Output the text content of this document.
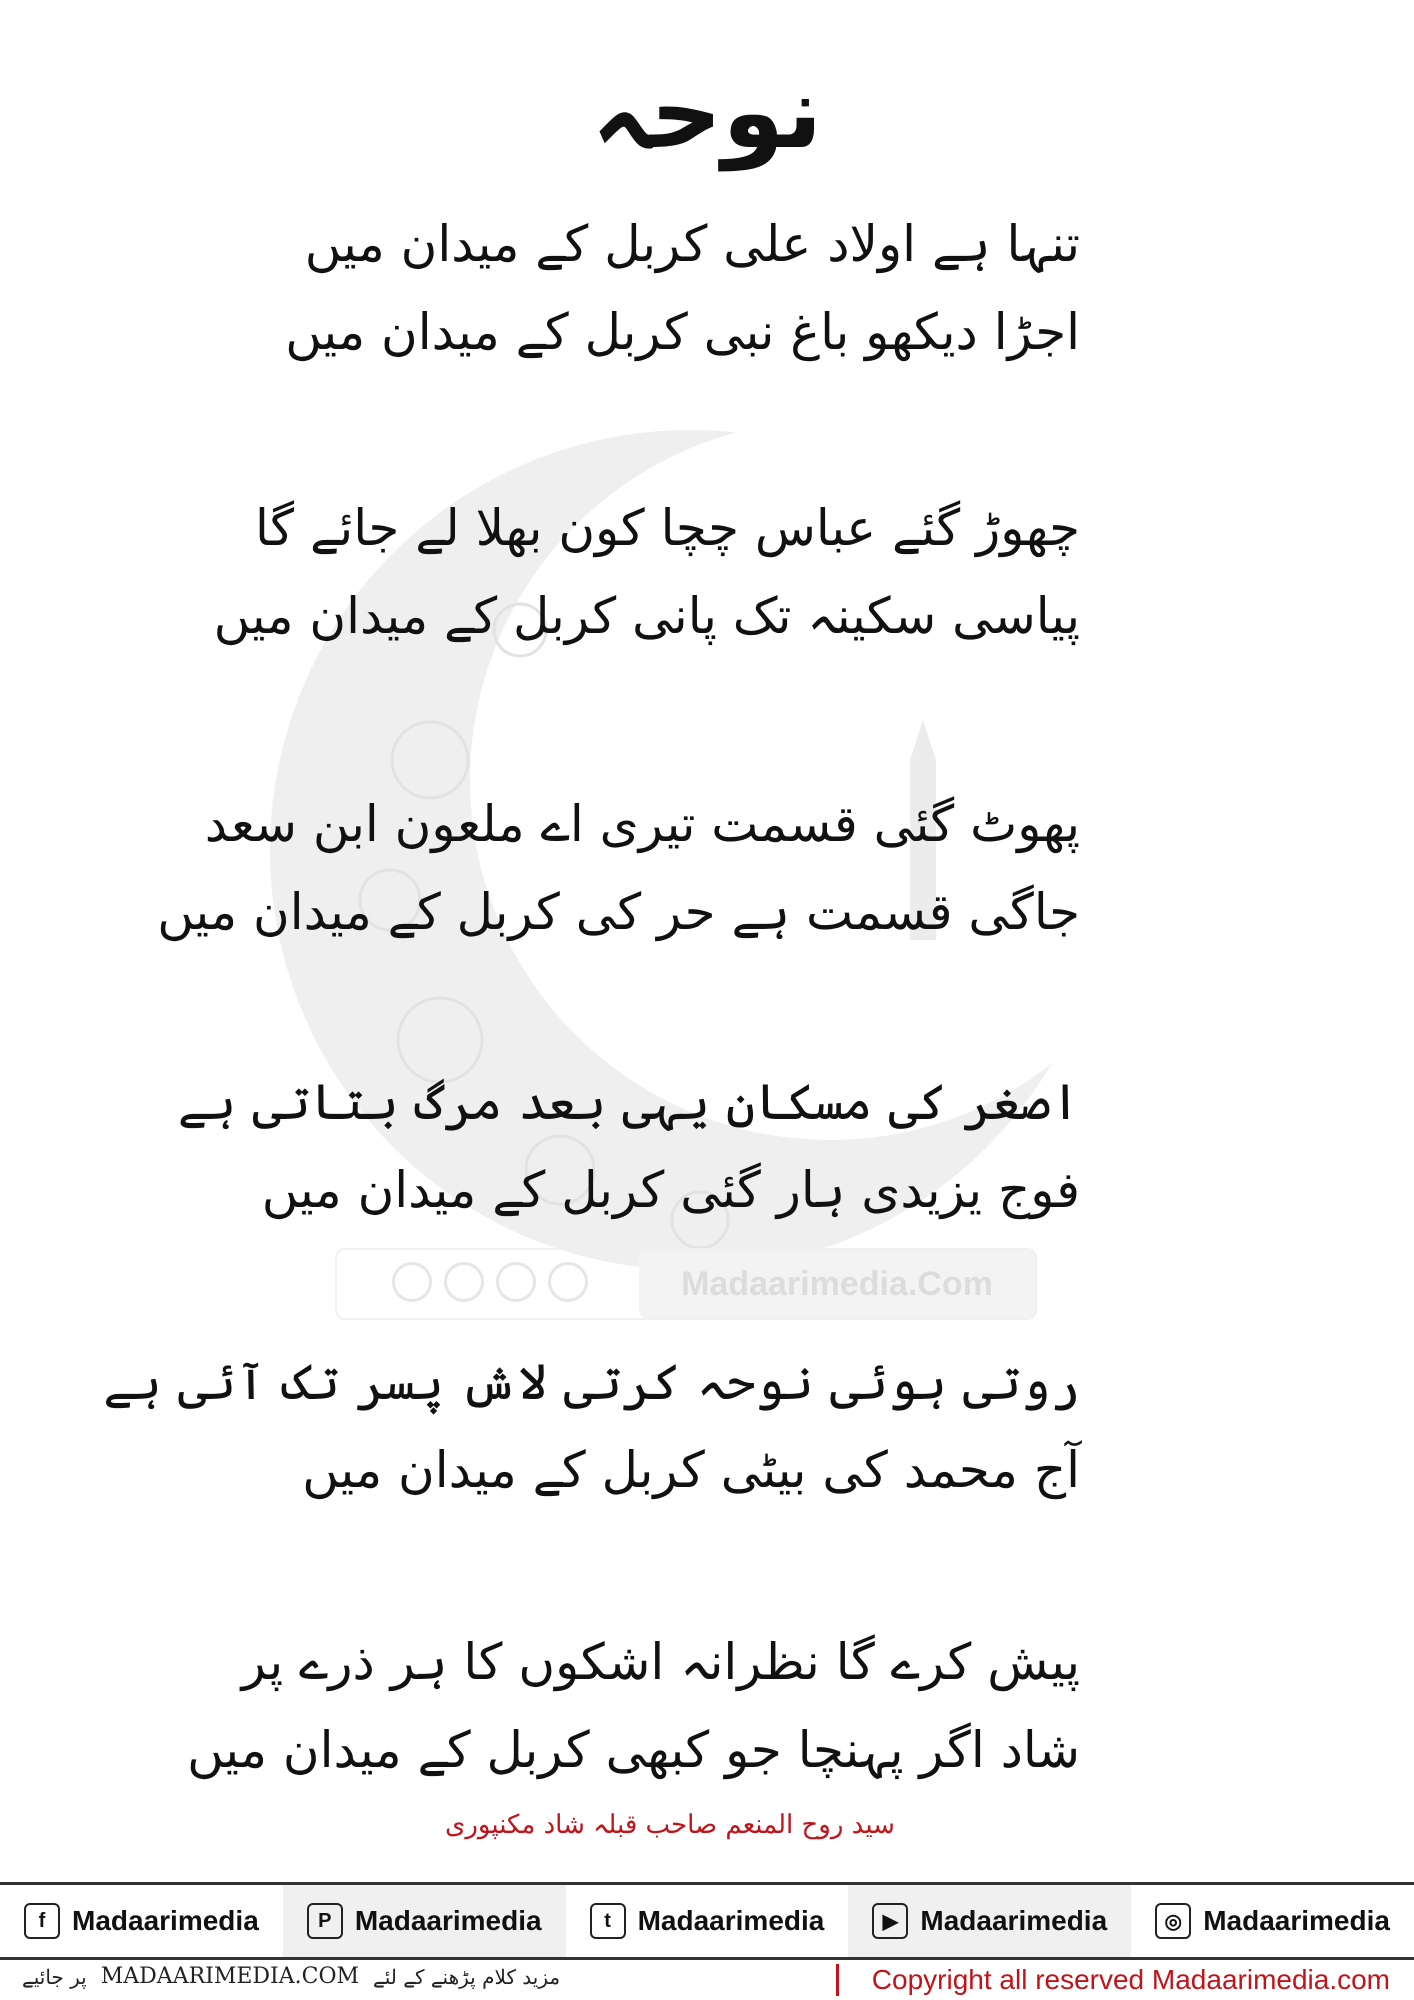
نوحہ
تنہا ہے اولاد علی کربل کے میدان میں
اجڑا دیکھو باغ نبی کربل کے میدان میں
چھوڑ گئے عباس چچا کون بھلا لے جائے گا
پیاسی سکینہ تک پانی کربل کے میدان میں
پھوٹ گئی قسمت تیری اے ملعون ابن سعد
جاگی قسمت ہے حر کی کربل کے میدان میں
اصغر کی مسکان یہی بعد مرگ بتاتی ہے
فوج یزیدی ہار گئی کربل کے میدان میں
روتی ہوئی نوحہ کرتی لاش پسر تک آئی ہے
آج محمد کی بیٹی کربل کے میدان میں
پیش کرے گا نظرانہ اشکوں کا ہر ذرے پر
شاد اگر پہنچا جو کبھی کربل کے میدان میں
Madaarimedia.Com
سید روح المنعم صاحب قبلہ شاد مکنپوری
f Madaarimedia	P Madaarimedia	t Madaarimedia	▶ Madaarimedia	◎ Madaarimedia
پر جائیے MADAARIMEDIA.COM مزید کلام پڑھنے کے لئے	Copyright all reserved Madaarimedia.com
